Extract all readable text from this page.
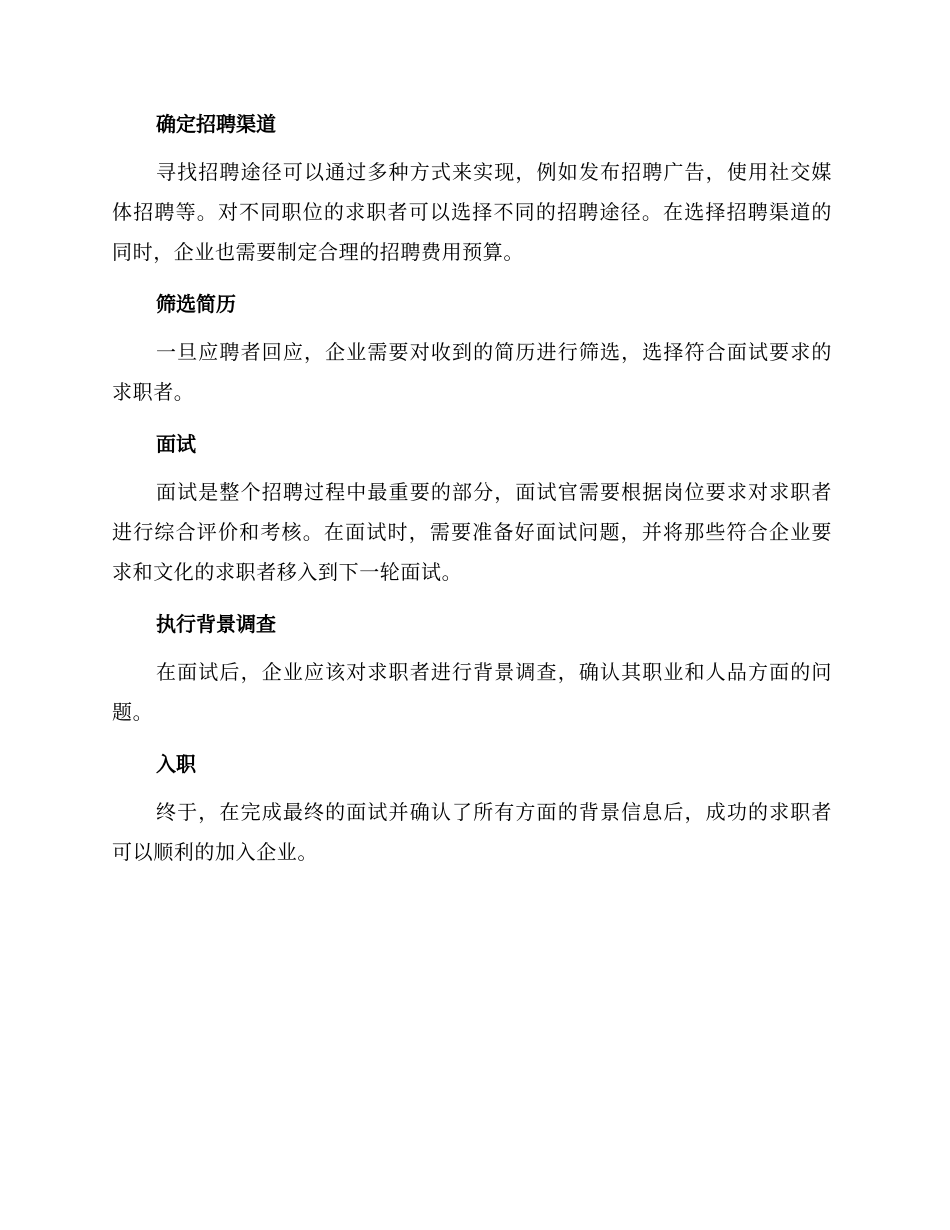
确定招聘渠道

寻找招聘途径可以通过多种方式来实现，例如发布招聘广告，使用社交媒体招聘等。对不同职位的求职者可以选择不同的招聘途径。在选择招聘渠道的同时，企业也需要制定合理的招聘费用预算。

筛选简历

一旦应聘者回应，企业需要对收到的简历进行筛选，选择符合面试要求的求职者。

面试

面试是整个招聘过程中最重要的部分，面试官需要根据岗位要求对求职者进行综合评价和考核。在面试时，需要准备好面试问题，并将那些符合企业要求和文化的求职者移入到下一轮面试。

执行背景调查

在面试后，企业应该对求职者进行背景调查，确认其职业和人品方面的问题。

入职

终于，在完成最终的面试并确认了所有方面的背景信息后，成功的求职者可以顺利的加入企业。
